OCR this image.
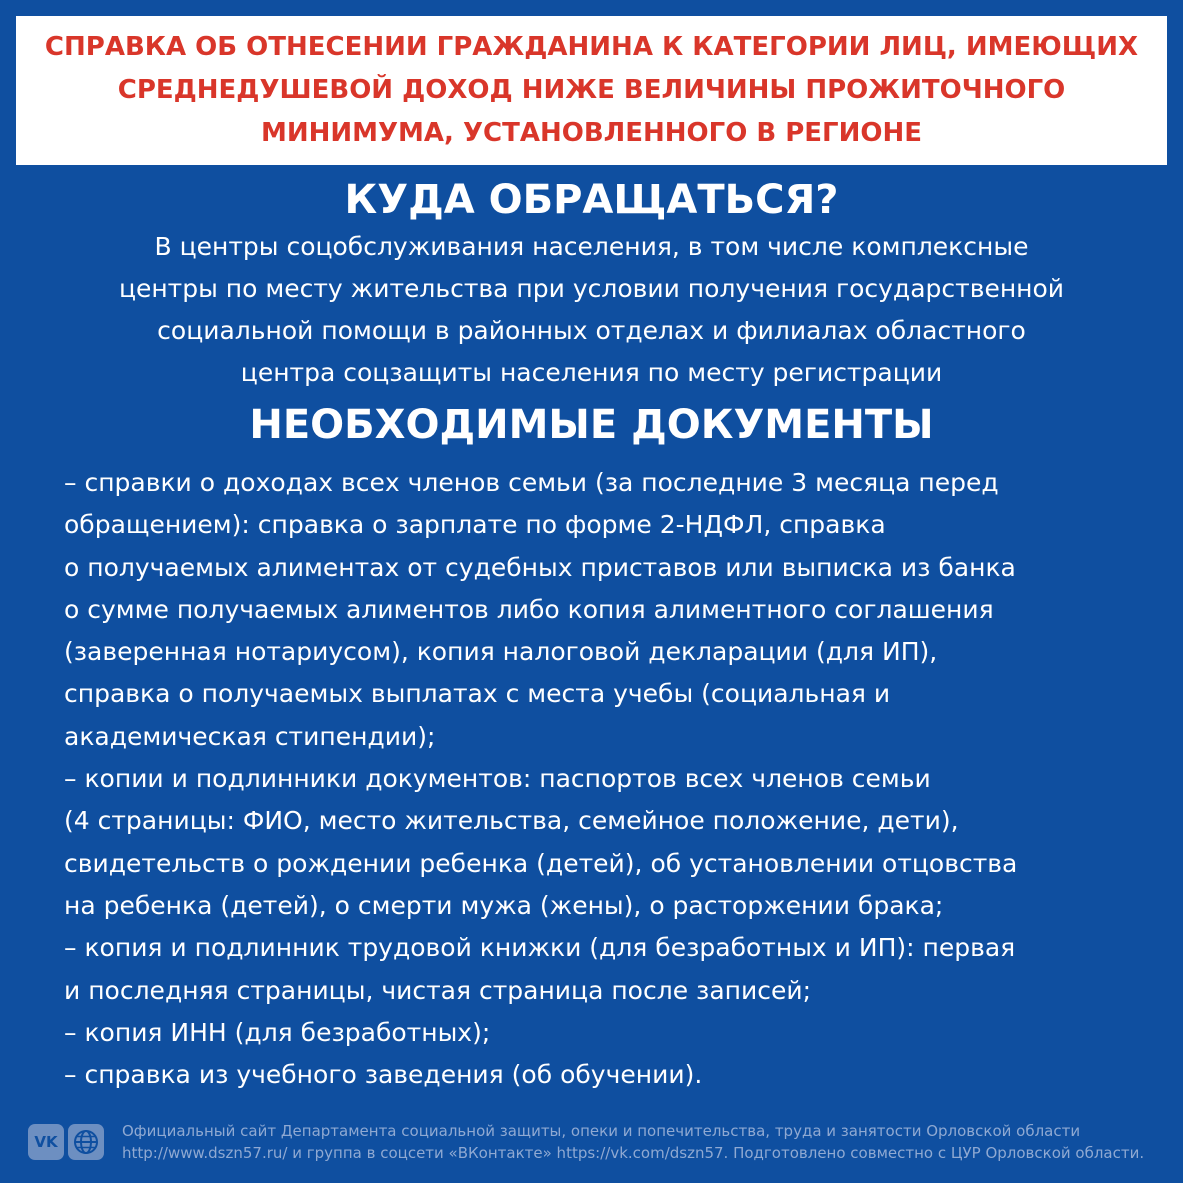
СПРАВКА ОБ ОТНЕСЕНИИ ГРАЖДАНИНА К КАТЕГОРИИ ЛИЦ, ИМЕЮЩИХ
СРЕДНЕДУШЕВОЙ ДОХОД НИЖЕ ВЕЛИЧИНЫ ПРОЖИТОЧНОГО
МИНИМУМА, УСТАНОВЛЕННОГО В РЕГИОНЕ

КУДА ОБРАЩАТЬСЯ?

В центры соцобслуживания населения, в том числе комплексные
центры по месту жительства при условии получения государственной
социальной помощи в районных отделах и филиалах областного
центра соцзащиты населения по месту регистрации

НЕОБХОДИМЫЕ ДОКУМЕНТЫ
– справки о доходах всех членов семьи (за последние 3 месяца перед
обращением): справка о зарплате по форме 2-НДФЛ, справка
о получаемых алиментах от судебных приставов или выписка из банка
о сумме получаемых алиментов либо копия алиментного соглашения
(заверенная нотариусом), копия налоговой декларации (для ИП),
справка о получаемых выплатах с места учебы (социальная и
академическая стипендии);
– копии и подлинники документов: паспортов всех членов семьи
(4 страницы: ФИО, место жительства, семейное положение, дети),
свидетельств о рождении ребенка (детей), об установлении отцовства
на ребенка (детей), о смерти мужа (жены), о расторжении брака;
– копия и подлинник трудовой книжки (для безработных и ИП): первая
и последняя страницы, чистая страница после записей;
– копия ИНН (для безработных);
– справка из учебного заведения (об обучении).
VK
Официальный сайт Департамента социальной защиты, опеки и попечительства, труда и занятости Орловской области
http://www.dszn57.ru/ и группа в соцсети «ВКонтакте» https://vk.com/dszn57. Подготовлено совместно с ЦУР Орловской области.
